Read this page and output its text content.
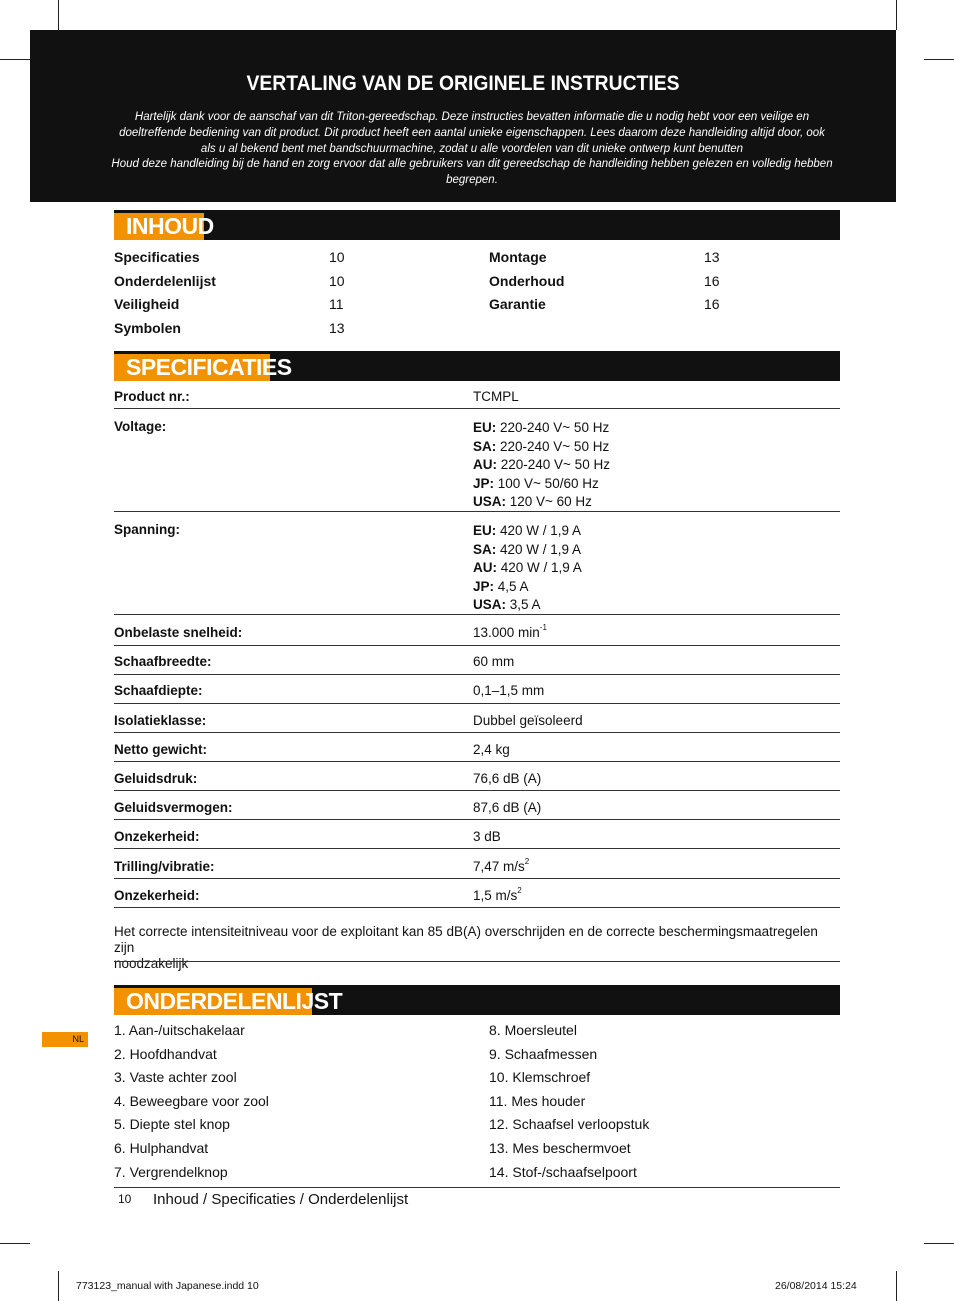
VERTALING VAN DE ORIGINELE INSTRUCTIES
Hartelijk dank voor de aanschaf van dit Triton-gereedschap. Deze instructies bevatten informatie die u nodig hebt voor een veilige en
doeltreffende bediening van dit product. Dit product heeft een aantal unieke eigenschappen. Lees daarom deze handleiding altijd door, ook
als u al bekend bent met bandschuurmachine, zodat u alle voordelen van dit unieke ontwerp kunt benutten
Houd deze handleiding bij de hand en zorg ervoor dat alle gebruikers van dit gereedschap de handleiding hebben gelezen en volledig hebben
begrepen.
INHOUD
Specificaties	10
Onderdelenlijst	10
Veiligheid	11
Symbolen	13
Montage	13
Onderhoud	16
Garantie	16
SPECIFICATIES
Product nr.:	TCMPL
Voltage:	EU: 220-240 V~ 50 Hz
SA: 220-240 V~ 50 Hz
AU: 220-240 V~ 50 Hz
JP: 100 V~ 50/60 Hz
USA: 120 V~ 60 Hz
Spanning:	EU: 420 W / 1,9 A
SA: 420 W / 1,9 A
AU: 420 W / 1,9 A
JP: 4,5 A
USA: 3,5 A
Onbelaste snelheid:	13.000 $\min^{-1}$
Schaafbreedte:	60 mm
Schaafdiepte:	0,1–1,5 mm
Isolatieklasse:	Dubbel geïsoleerd
Netto gewicht:	2,4 kg
Geluidsdruk:	76,6 dB (A)
Geluidsvermogen:	87,6 dB (A)
Onzekerheid:	3 dB
Trilling/vibratie:	7,47 $m/s^2$
Onzekerheid:	1,5 $m/s^2$
Het correcte intensiteitniveau voor de exploitant kan 85 dB(A) overschrijden en de correcte beschermingsmaatregelen zijn
noodzakelijk
ONDERDELENLIJST
1. Aan-/uitschakelaar
2. Hoofdhandvat
3. Vaste achter zool
4. Beweegbare voor zool
5. Diepte stel knop
6. Hulphandvat
7. Vergrendelknop
8. Moersleutel
9. Schaafmessen
10. Klemschroef
11. Mes houder
12. Schaafsel verloopstuk
13. Mes beschermvoet
14. Stof-/schaafselpoort
NL
10 Inhoud / Specificaties / Onderdelenlijst
773123_manual with Japanese.indd 10	26/08/2014 15:24
